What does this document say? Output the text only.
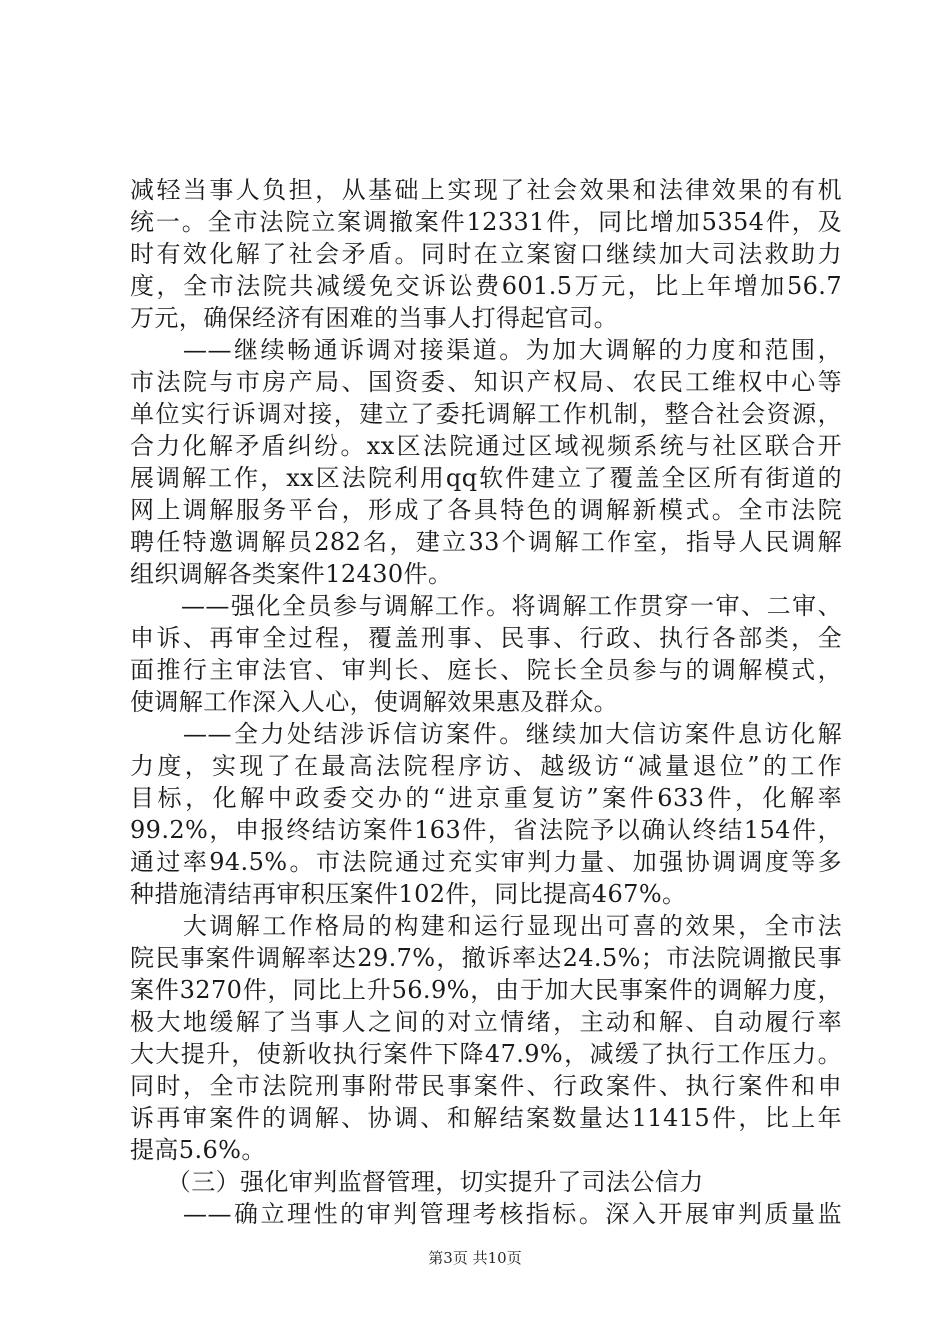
减轻当事人负担，从基础上实现了社会效果和法律效果的有机
统一。全市法院立案调撤案件12331件，同比增加5354件，及
时有效化解了社会矛盾。同时在立案窗口继续加大司法救助力
度，全市法院共减缓免交诉讼费601.5万元，比上年增加56.7
万元，确保经济有困难的当事人打得起官司。
　　——继续畅通诉调对接渠道。为加大调解的力度和范围，
市法院与市房产局、国资委、知识产权局、农民工维权中心等
单位实行诉调对接，建立了委托调解工作机制，整合社会资源，
合力化解矛盾纠纷。xx区法院通过区域视频系统与社区联合开
展调解工作，xx区法院利用qq软件建立了覆盖全区所有街道的
网上调解服务平台，形成了各具特色的调解新模式。全市法院
聘任特邀调解员282名，建立33个调解工作室，指导人民调解
组织调解各类案件12430件。
　　——强化全员参与调解工作。将调解工作贯穿一审、二审、
申诉、再审全过程，覆盖刑事、民事、行政、执行各部类，全
面推行主审法官、审判长、庭长、院长全员参与的调解模式，
使调解工作深入人心，使调解效果惠及群众。
　　——全力处结涉诉信访案件。继续加大信访案件息访化解
力度，实现了在最高法院程序访、越级访“减量退位”的工作
目标，化解中政委交办的“进京重复访”案件633件，化解率
99.2%，申报终结访案件163件，省法院予以确认终结154件，
通过率94.5%。市法院通过充实审判力量、加强协调调度等多
种措施清结再审积压案件102件，同比提高467%。
　　大调解工作格局的构建和运行显现出可喜的效果，全市法
院民事案件调解率达29.7%，撤诉率达24.5%；市法院调撤民事
案件3270件，同比上升56.9%，由于加大民事案件的调解力度，
极大地缓解了当事人之间的对立情绪，主动和解、自动履行率
大大提升，使新收执行案件下降47.9%，减缓了执行工作压力。
同时，全市法院刑事附带民事案件、行政案件、执行案件和申
诉再审案件的调解、协调、和解结案数量达11415件，比上年
提高5.6%。
　　（三）强化审判监督管理，切实提升了司法公信力
　　——确立理性的审判管理考核指标。深入开展审判质量监
第3页 共10页
